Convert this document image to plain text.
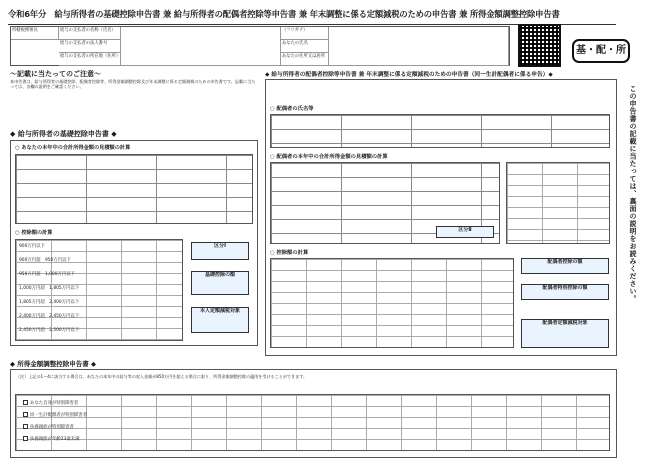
令和6年分　給与所得者の基礎控除申告書 兼 給与所得者の配偶者控除等申告書 兼 年末調整に係る定額減税のための申告書 兼 所得金額調整控除申告書
所轄税務署長	給与の支払者の名称（氏名）
給与の支払者の法人番号
給与の支払者の所在地（住所）
（フリガナ）
あなたの氏名
あなたの住所又は居所
基・配・所
～記載に当たってのご注意～
本申告書は、給与所得者の基礎控除、配偶者控除等、所得金額調整控除及び年末調整に係る定額減税のための申告書です。記載に当たっては、各欄の説明をご確認ください。
◆ 給与所得者の基礎控除申告書 ◆
○ あなたの本年中の合計所得金額の見積額の計算
○ 控除額の計算
900万円以下
900万円超　950万円以下
950万円超　1,000万円以下
1,000万円超　1,805万円以下
1,805万円超　2,400万円以下
2,400万円超　2,450万円以下
2,450万円超　2,500万円以下
区分Ⅰ
基礎控除の額
本人定額減税対象
◆ 給与所得者の配偶者控除等申告書 兼 年末調整に係る定額減税のための申告書（同一生計配偶者に係る申告）◆
○ 配偶者の氏名等
○ 配偶者の本年中の合計所得金額の見積額の計算
区分Ⅱ
○ 控除額の計算
配偶者控除の額
配偶者特別控除の額
配偶者定額減税対象
この申告書の記載に当たっては、裏面の説明をお読みください。
◆ 所得金額調整控除申告書 ◆
（注）上記の1～4に該当する場合は、あなたの本年中の給与等の収入金額が850万円を超える場合に限り、所得金額調整控除の適用を受けることができます。
あなた自身が特別障害者
同一生計配偶者が特別障害者
扶養親族が特別障害者
扶養親族が年齢23歳未満
